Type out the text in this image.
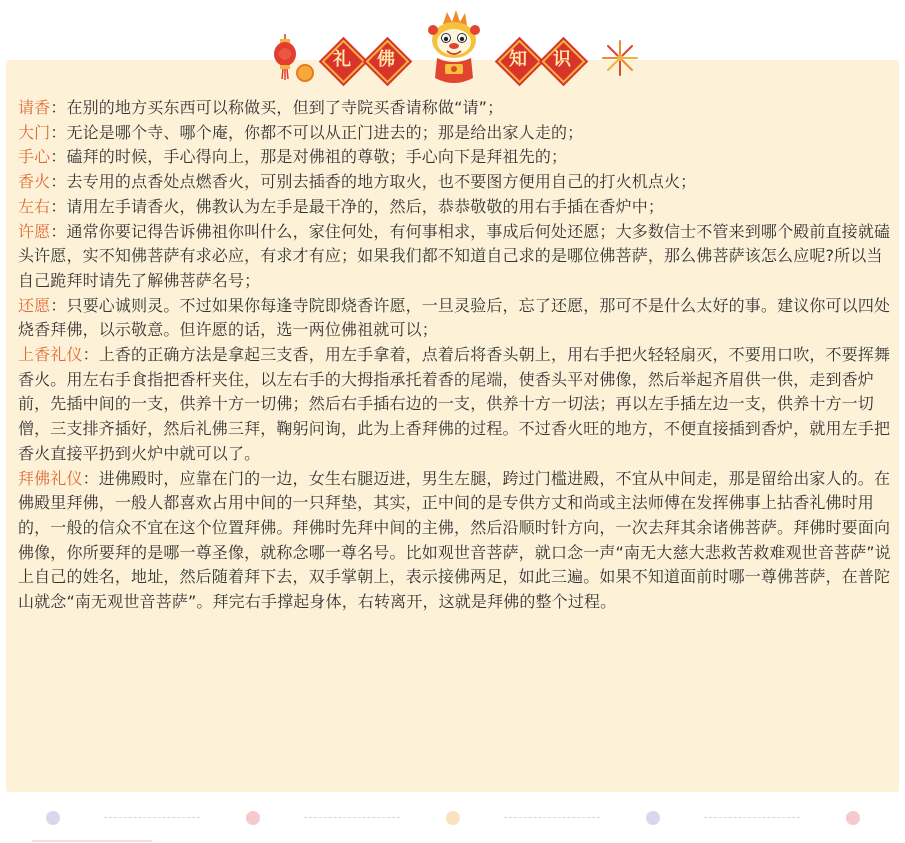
礼	佛	知	识

请香：在别的地方买东西可以称做买，但到了寺院买香请称做“请”；

大门：无论是哪个寺、哪个庵，你都不可以从正门进去的；那是给出家人走的；

手心：磕拜的时候，手心得向上，那是对佛祖的尊敬；手心向下是拜祖先的；

香火：去专用的点香处点燃香火，可别去插香的地方取火，也不要图方便用自己的打火机点火；

左右：请用左手请香火，佛教认为左手是最干净的，然后，恭恭敬敬的用右手插在香炉中；

许愿：通常你要记得告诉佛祖你叫什么，家住何处，有何事相求，事成后何处还愿；大多数信士不管来到哪个殿前直接就磕头许愿，实不知佛菩萨有求必应，有求才有应；如果我们都不知道自己求的是哪位佛菩萨，那么佛菩萨该怎么应呢?所以当自己跪拜时请先了解佛菩萨名号；

还愿：只要心诚则灵。不过如果你每逢寺院即烧香许愿，一旦灵验后，忘了还愿，那可不是什么太好的事。建议你可以四处烧香拜佛，以示敬意。但许愿的话，选一两位佛祖就可以；

上香礼仪：上香的正确方法是拿起三支香，用左手拿着，点着后将香头朝上，用右手把火轻轻扇灭，不要用口吹，不要挥舞香火。用左右手食指把香杆夹住，以左右手的大拇指承托着香的尾端，使香头平对佛像，然后举起齐眉供一供，走到香炉前，先插中间的一支，供养十方一切佛；然后右手插右边的一支，供养十方一切法；再以左手插左边一支，供养十方一切僧，三支排齐插好，然后礼佛三拜，鞠躬问询，此为上香拜佛的过程。不过香火旺的地方，不便直接插到香炉，就用左手把香火直接平扔到火炉中就可以了。

拜佛礼仪：进佛殿时，应靠在门的一边，女生右腿迈进，男生左腿，跨过门槛进殿，不宜从中间走，那是留给出家人的。在佛殿里拜佛，一般人都喜欢占用中间的一只拜垫，其实，正中间的是专供方丈和尚或主法师傅在发挥佛事上拈香礼佛时用的，一般的信众不宜在这个位置拜佛。拜佛时先拜中间的主佛，然后沿顺时针方向，一次去拜其余诸佛菩萨。拜佛时要面向佛像，你所要拜的是哪一尊圣像，就称念哪一尊名号。比如观世音菩萨，就口念一声“南无大慈大悲救苦救难观世音菩萨”说上自己的姓名，地址，然后随着拜下去，双手掌朝上，表示接佛两足，如此三遍。如果不知道面前时哪一尊佛菩萨，在普陀山就念“南无观世音菩萨”。拜完右手撑起身体，右转离开，这就是拜佛的整个过程。
